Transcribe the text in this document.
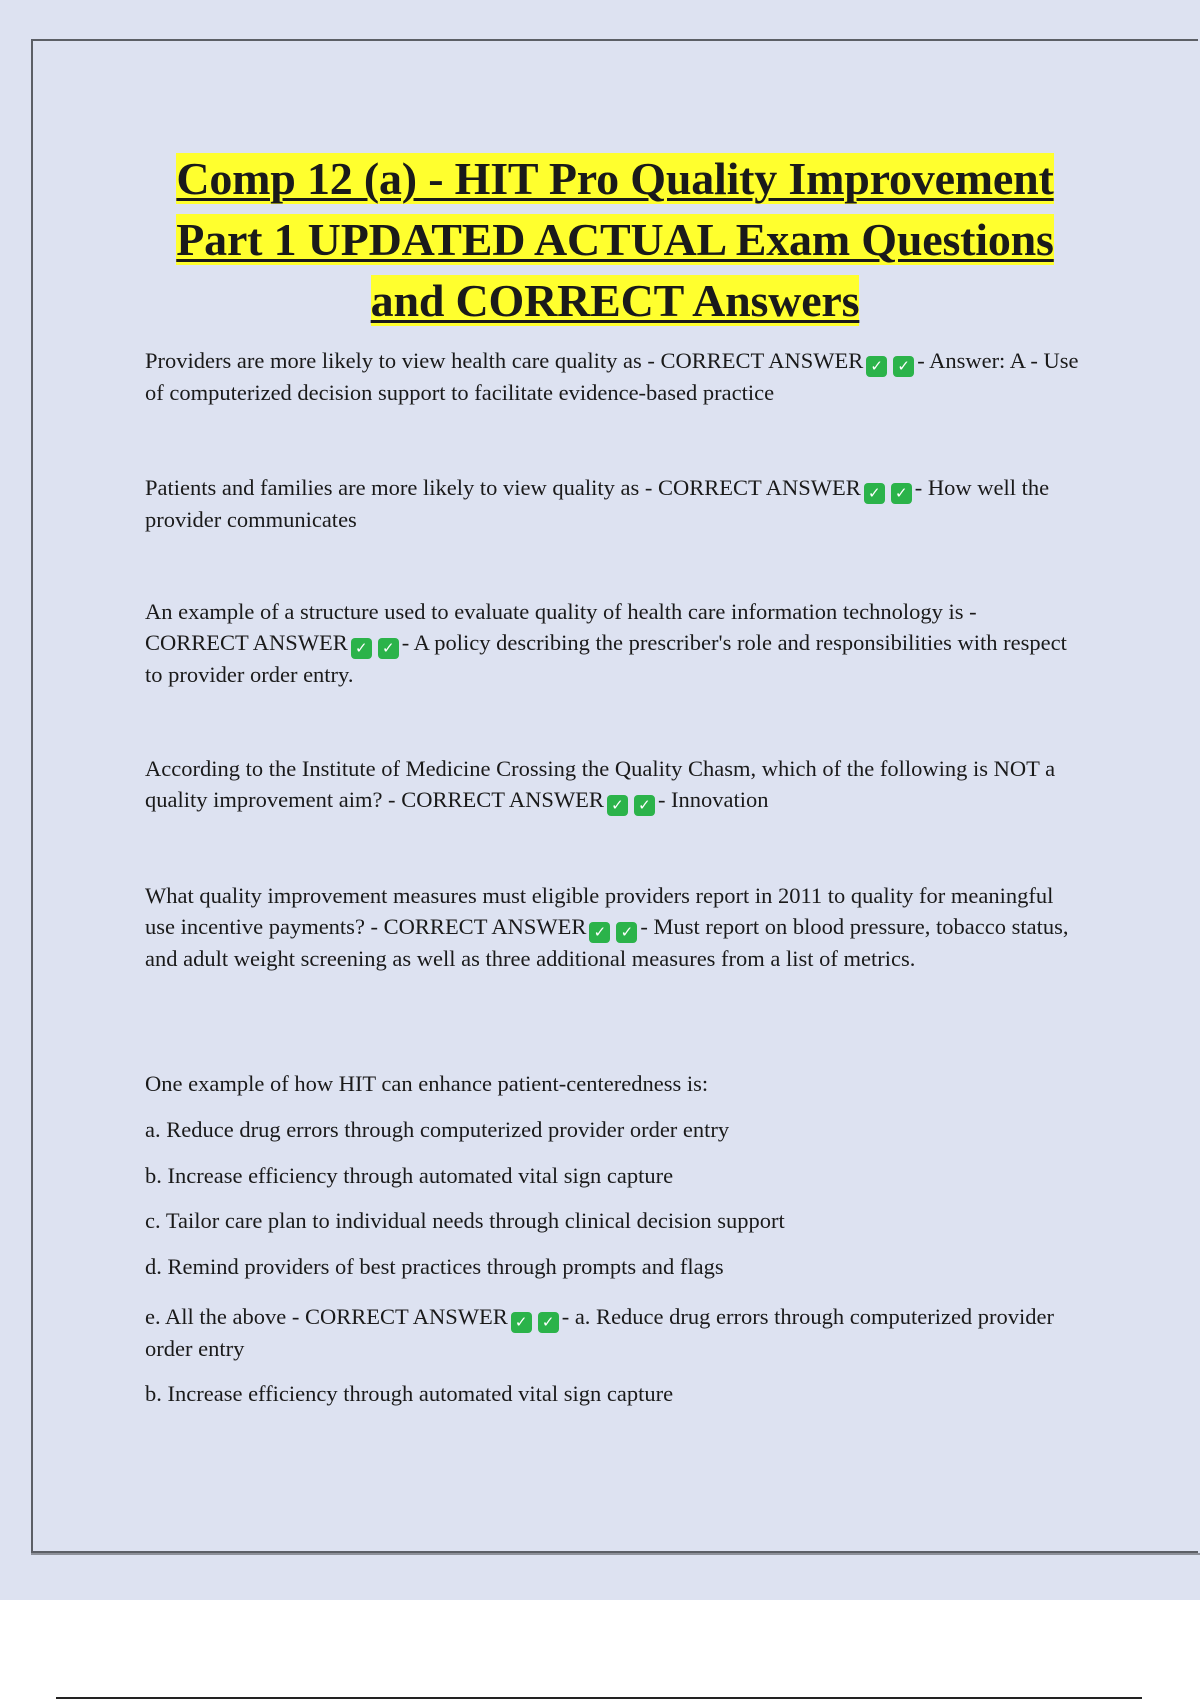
Comp 12 (a) - HIT Pro Quality Improvement
Part 1 UPDATED ACTUAL Exam Questions
and CORRECT Answers

Providers are more likely to view health care quality as - CORRECT ANSWER ✓ ✓ - Answer: A - Use of computerized decision support to facilitate evidence-based practice

Patients and families are more likely to view quality as - CORRECT ANSWER ✓ ✓ - How well the provider communicates

An example of a structure used to evaluate quality of health care information technology is - CORRECT ANSWER ✓ ✓ - A policy describing the prescriber's role and responsibilities with respect to provider order entry.

According to the Institute of Medicine Crossing the Quality Chasm, which of the following is NOT a quality improvement aim? - CORRECT ANSWER ✓ ✓ - Innovation

What quality improvement measures must eligible providers report in 2011 to quality for meaningful use incentive payments? - CORRECT ANSWER ✓ ✓ - Must report on blood pressure, tobacco status, and adult weight screening as well as three additional measures from a list of metrics.

One example of how HIT can enhance patient-centeredness is:

a. Reduce drug errors through computerized provider order entry

b. Increase efficiency through automated vital sign capture

c. Tailor care plan to individual needs through clinical decision support

d. Remind providers of best practices through prompts and flags

e. All the above - CORRECT ANSWER ✓ ✓ - a. Reduce drug errors through computerized provider order entry

b. Increase efficiency through automated vital sign capture
